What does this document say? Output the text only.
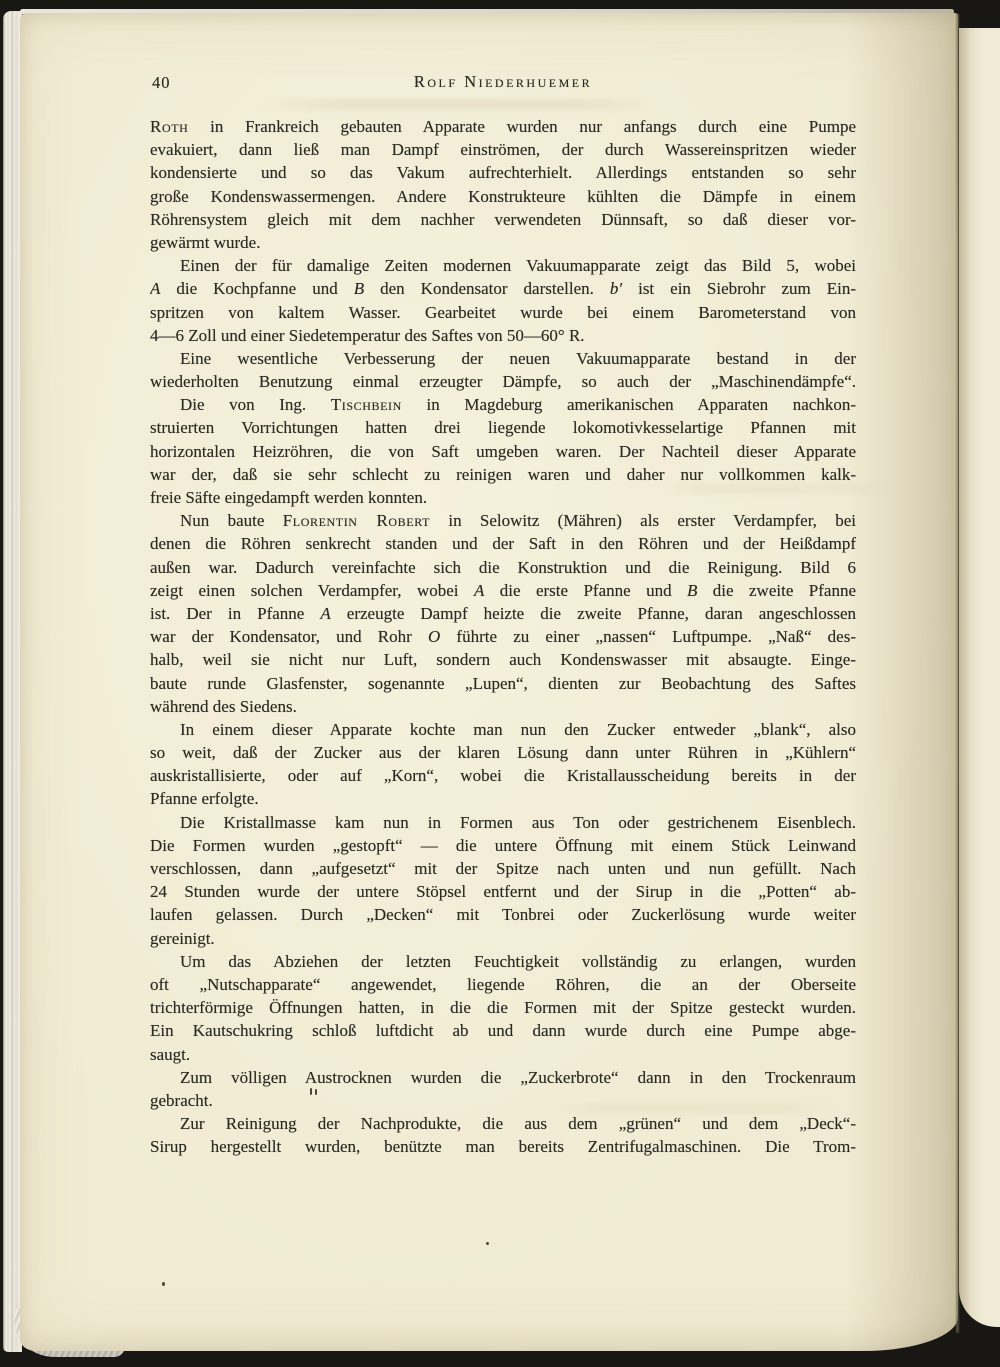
40	Rolf Niederhuemer
Roth in Frankreich gebauten Apparate wurden nur anfangs durch eine Pumpe
evakuiert, dann ließ man Dampf einströmen, der durch Wassereinspritzen wieder
kondensierte und so das Vakum aufrechterhielt. Allerdings entstanden so sehr
große Kondenswassermengen. Andere Konstrukteure kühlten die Dämpfe in einem
Röhrensystem gleich mit dem nachher verwendeten Dünnsaft, so daß dieser vor-
gewärmt wurde.
Einen der für damalige Zeiten modernen Vakuumapparate zeigt das Bild 5, wobei
A die Kochpfanne und B den Kondensator darstellen. b′ ist ein Siebrohr zum Ein-
spritzen von kaltem Wasser. Gearbeitet wurde bei einem Barometerstand von
4—6 Zoll und einer Siedetemperatur des Saftes von 50—60° R.
Eine wesentliche Verbesserung der neuen Vakuumapparate bestand in der
wiederholten Benutzung einmal erzeugter Dämpfe, so auch der „Maschinendämpfe“.
Die von Ing. Tischbein in Magdeburg amerikanischen Apparaten nachkon-
struierten Vorrichtungen hatten drei liegende lokomotivkesselartige Pfannen mit
horizontalen Heizröhren, die von Saft umgeben waren. Der Nachteil dieser Apparate
war der, daß sie sehr schlecht zu reinigen waren und daher nur vollkommen kalk-
freie Säfte eingedampft werden konnten.
Nun baute Florentin Robert in Selowitz (Mähren) als erster Verdampfer, bei
denen die Röhren senkrecht standen und der Saft in den Röhren und der Heißdampf
außen war. Dadurch vereinfachte sich die Konstruktion und die Reinigung. Bild 6
zeigt einen solchen Verdampfer, wobei A die erste Pfanne und B die zweite Pfanne
ist. Der in Pfanne A erzeugte Dampf heizte die zweite Pfanne, daran angeschlossen
war der Kondensator, und Rohr O führte zu einer „nassen“ Luftpumpe. „Naß“ des-
halb, weil sie nicht nur Luft, sondern auch Kondenswasser mit absaugte. Einge-
baute runde Glasfenster, sogenannte „Lupen“, dienten zur Beobachtung des Saftes
während des Siedens.
In einem dieser Apparate kochte man nun den Zucker entweder „blank“, also
so weit, daß der Zucker aus der klaren Lösung dann unter Rühren in „Kühlern“
auskristallisierte, oder auf „Korn“, wobei die Kristallausscheidung bereits in der
Pfanne erfolgte.
Die Kristallmasse kam nun in Formen aus Ton oder gestrichenem Eisenblech.
Die Formen wurden „gestopft“ — die untere Öffnung mit einem Stück Leinwand
verschlossen, dann „aufgesetzt“ mit der Spitze nach unten und nun gefüllt. Nach
24 Stunden wurde der untere Stöpsel entfernt und der Sirup in die „Potten“ ab-
laufen gelassen. Durch „Decken“ mit Tonbrei oder Zuckerlösung wurde weiter
gereinigt.
Um das Abziehen der letzten Feuchtigkeit vollständig zu erlangen, wurden
oft „Nutschapparate“ angewendet, liegende Röhren, die an der Oberseite
trichterförmige Öffnungen hatten, in die die Formen mit der Spitze gesteckt wurden.
Ein Kautschukring schloß luftdicht ab und dann wurde durch eine Pumpe abge-
saugt.
Zum völligen Austrocknen wurden die „Zuckerbrote“ dann in den Trockenraum
gebracht.
Zur Reinigung der Nachprodukte, die aus dem „grünen“ und dem „Deck“-
Sirup hergestellt wurden, benützte man bereits Zentrifugalmaschinen. Die Trom-
